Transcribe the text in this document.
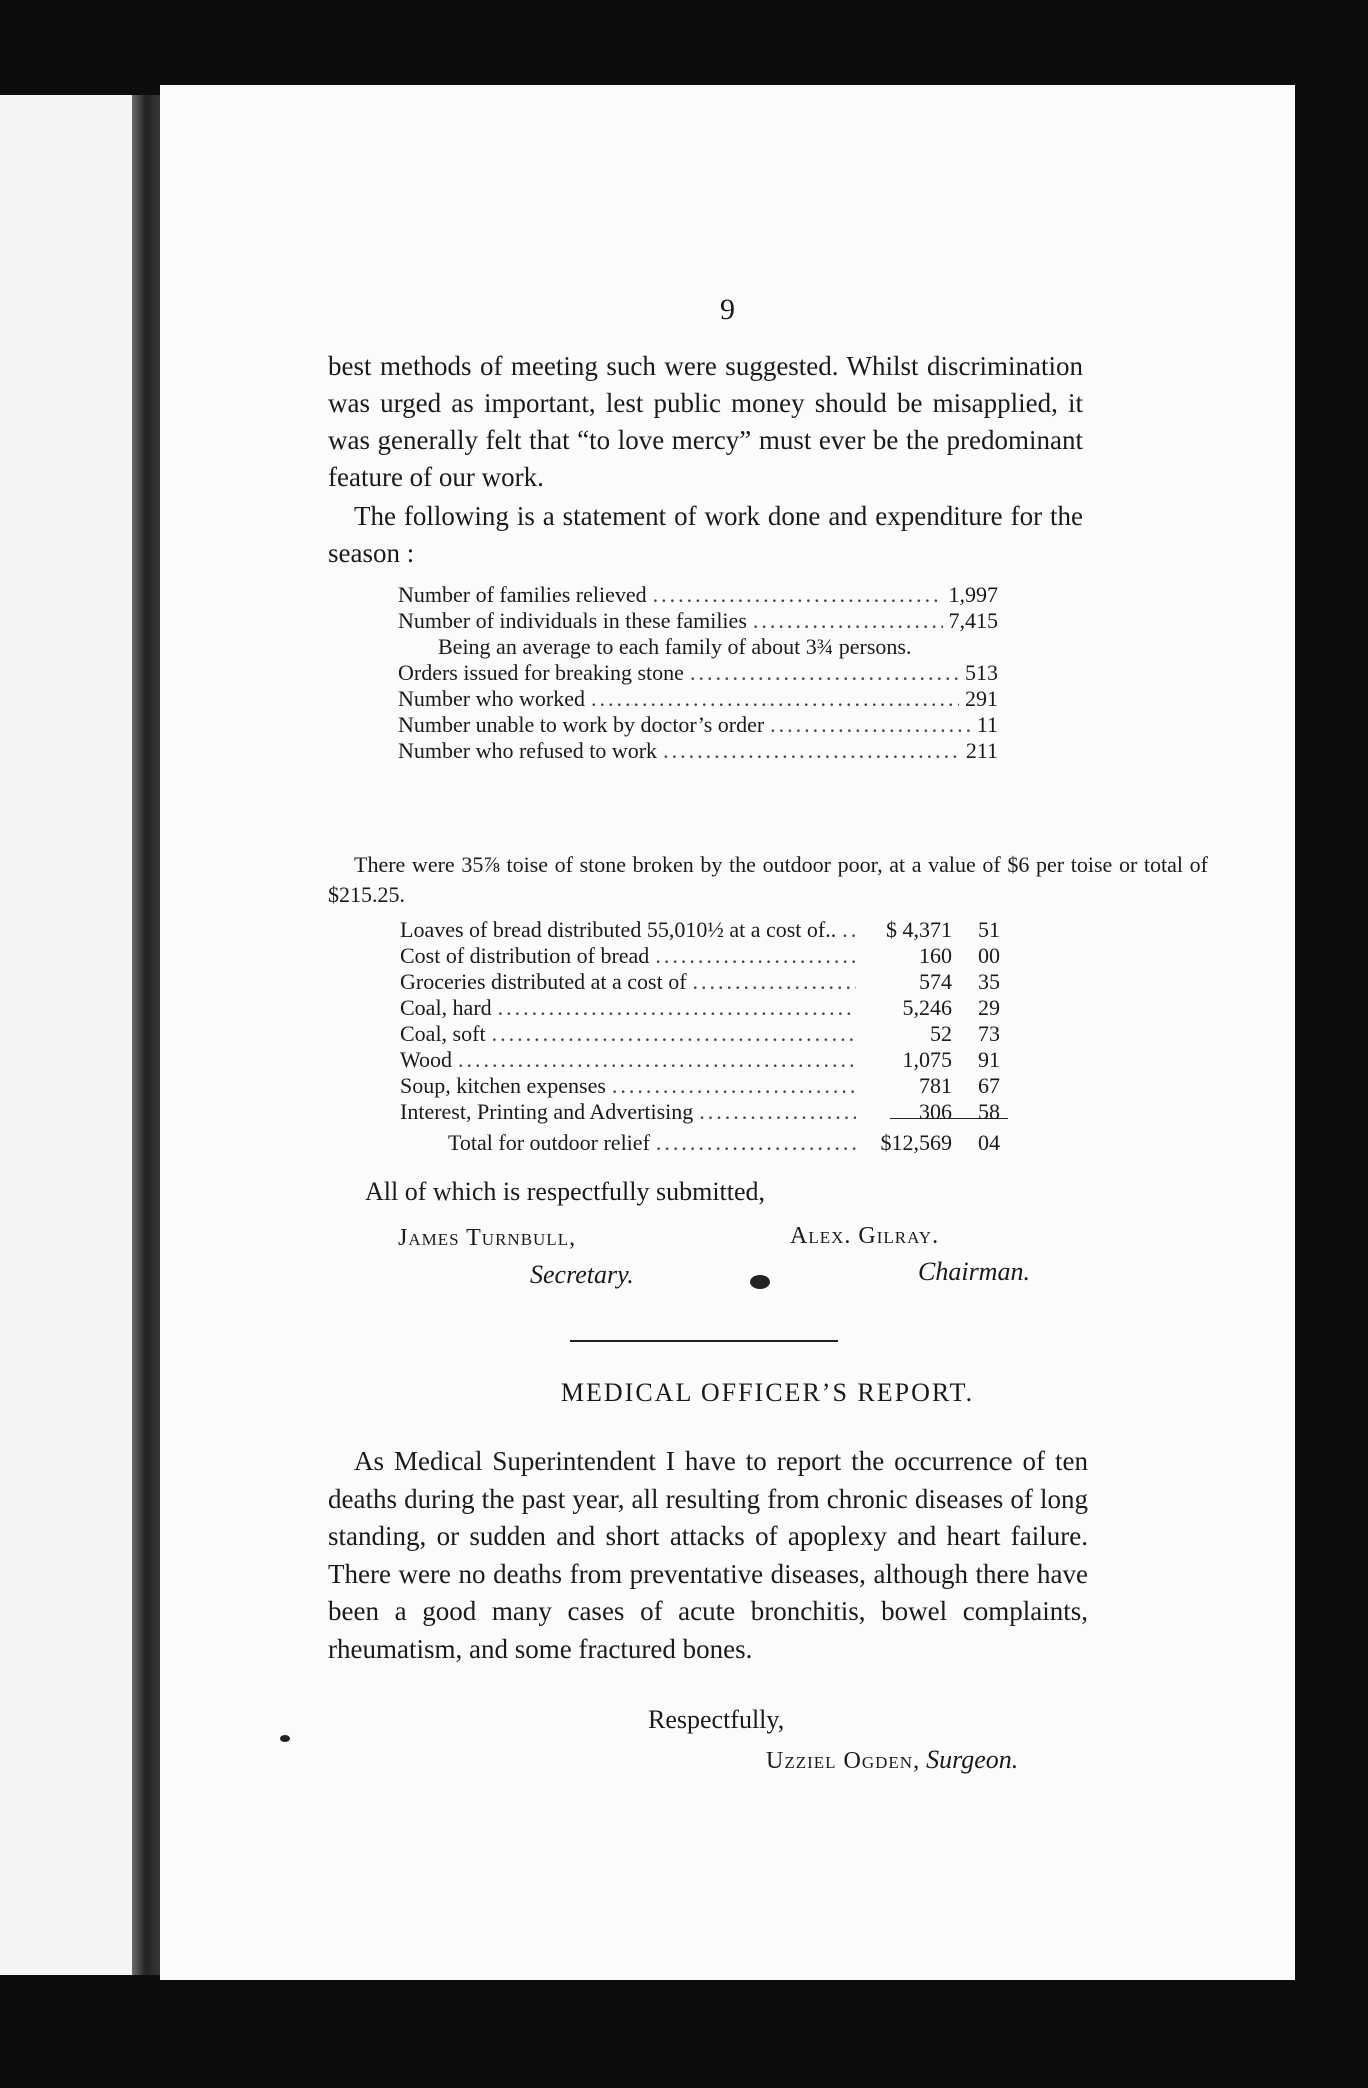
9
best methods of meeting such were suggested. Whilst discrimination was urged as important, lest public money should be misapplied, it was generally felt that “to love mercy” must ever be the predominant feature of our work.
The following is a statement of work done and expenditure for the season :
Number of families relieved .....	1,997
Number of individuals in these families .....	7,415
Being an average to each family of about 3¾ persons.
Orders issued for breaking stone .....	513
Number who worked .....	291
Number unable to work by doctor’s order .....	11
Number who refused to work .....	211
There were 35⅞ toise of stone broken by the outdoor poor, at a value of $6 per toise or total of $215.25.
Loaves of bread distributed 55,010½ at a cost of.. .....	$ 4,371	51
Cost of distribution of bread .....	160	00
Groceries distributed at a cost of .....	574	35
Coal, hard .....	5,246	29
Coal, soft .....	52	73
Wood .....	1,075	91
Soup, kitchen expenses .....	781	67
Interest, Printing and Advertising .....	306	58
Total for outdoor relief .....	$12,569	04
All of which is respectfully submitted,
James Turnbull,
Secretary.
Alex. Gilray.
Chairman.
MEDICAL OFFICER’S REPORT.
As Medical Superintendent I have to report the occurrence of ten deaths during the past year, all resulting from chronic diseases of long standing, or sudden and short attacks of apoplexy and heart failure. There were no deaths from preventative diseases, although there have been a good many cases of acute bronchitis, bowel complaints, rheumatism, and some fractured bones.
Respectfully,
Uzziel Ogden, Surgeon.
